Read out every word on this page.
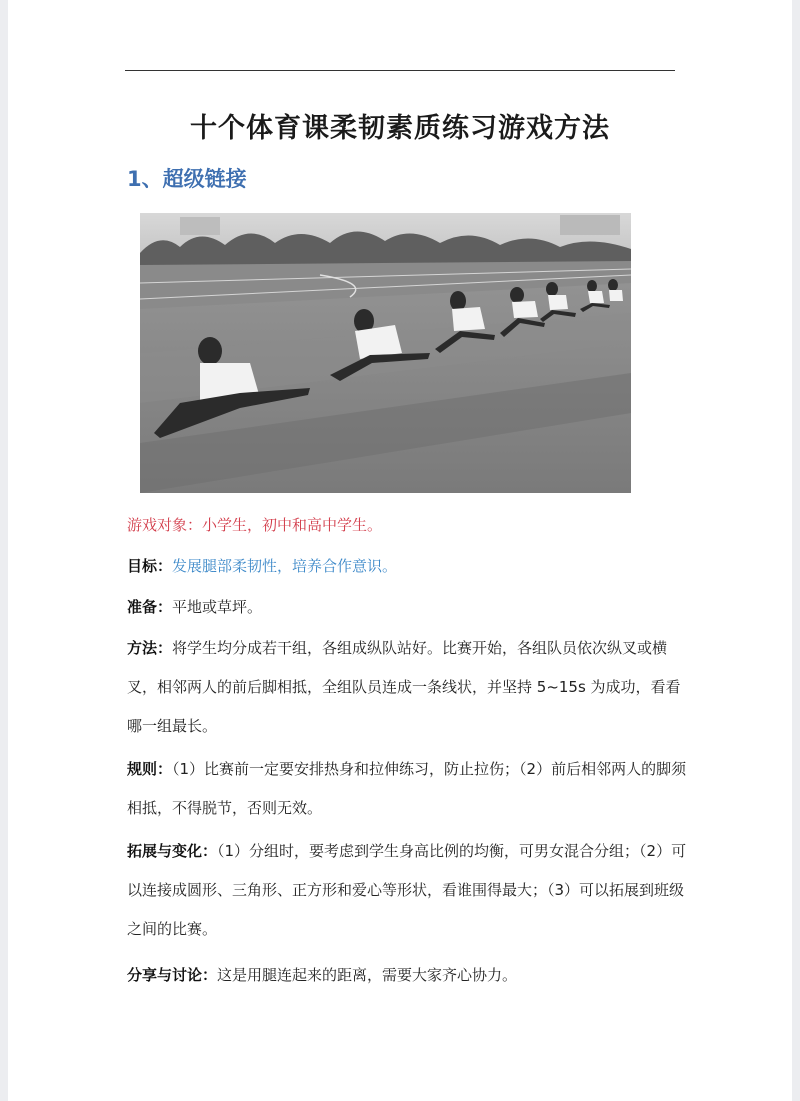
十个体育课柔韧素质练习游戏方法
1、超级链接
游戏对象：小学生，初中和高中学生。
目标：发展腿部柔韧性，培养合作意识。
准备：平地或草坪。
方法：将学生均分成若干组，各组成纵队站好。比赛开始，各组队员依次纵叉或横叉，相邻两人的前后脚相抵，全组队员连成一条线状，并坚持 5~15s 为成功，看看哪一组最长。
规则：（1）比赛前一定要安排热身和拉伸练习，防止拉伤；（2）前后相邻两人的脚须相抵，不得脱节，否则无效。
拓展与变化：（1）分组时，要考虑到学生身高比例的均衡，可男女混合分组；（2）可以连接成圆形、三角形、正方形和爱心等形状，看谁围得最大；（3）可以拓展到班级之间的比赛。
分享与讨论：这是用腿连起来的距离，需要大家齐心协力。
